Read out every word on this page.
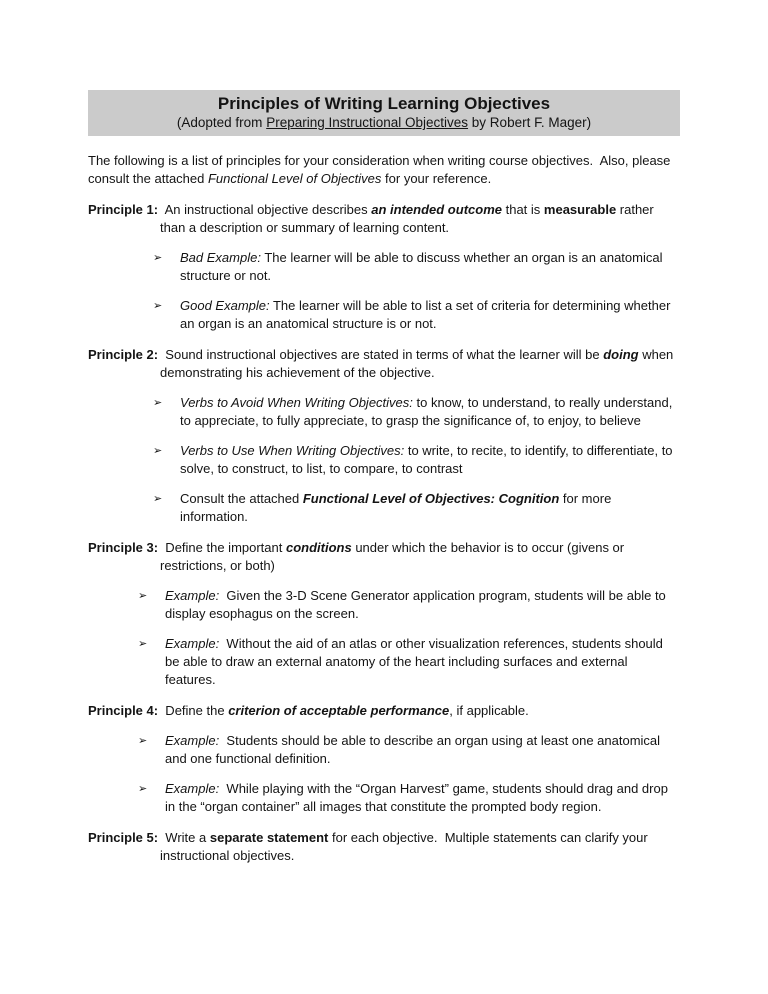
Principles of Writing Learning Objectives
(Adopted from Preparing Instructional Objectives by Robert F. Mager)
The following is a list of principles for your consideration when writing course objectives.  Also, please consult the attached Functional Level of Objectives for your reference.
Principle 1:  An instructional objective describes an intended outcome that is measurable rather than a description or summary of learning content.
➢	Bad Example: The learner will be able to discuss whether an organ is an anatomical structure or not.
➢	Good Example: The learner will be able to list a set of criteria for determining whether an organ is an anatomical structure is or not.
Principle 2:  Sound instructional objectives are stated in terms of what the learner will be doing when demonstrating his achievement of the objective.
➢	Verbs to Avoid When Writing Objectives: to know, to understand, to really understand, to appreciate, to fully appreciate, to grasp the significance of, to enjoy, to believe
➢	Verbs to Use When Writing Objectives: to write, to recite, to identify, to differentiate, to solve, to construct, to list, to compare, to contrast
➢	Consult the attached Functional Level of Objectives: Cognition for more information.
Principle 3:  Define the important conditions under which the behavior is to occur (givens or restrictions, or both)
➢	Example:  Given the 3-D Scene Generator application program, students will be able to display esophagus on the screen.
➢	Example:  Without the aid of an atlas or other visualization references, students should be able to draw an external anatomy of the heart including surfaces and external features.
Principle 4:  Define the criterion of acceptable performance, if applicable.
➢	Example:  Students should be able to describe an organ using at least one anatomical and one functional definition.
➢	Example:  While playing with the “Organ Harvest” game, students should drag and drop in the “organ container” all images that constitute the prompted body region.
Principle 5:  Write a separate statement for each objective.  Multiple statements can clarify your instructional objectives.
